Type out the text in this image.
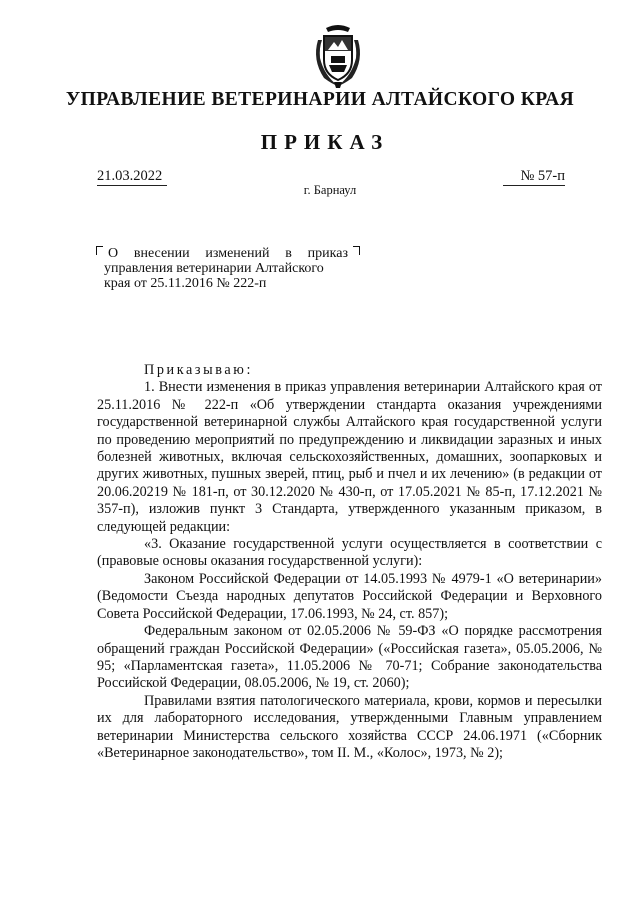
УПРАВЛЕНИЕ ВЕТЕРИНАРИИ АЛТАЙСКОГО КРАЯ
ПРИКАЗ
21.03.2022	№ 57-п
г. Барнаул
О внесении изменений в приказ
управления ветеринарии Алтайского
края от 25.11.2016 № 222-п
Приказываю:

1. Внести изменения в приказ управления ветеринарии Алтайского края от 25.11.2016 № 222-п «Об утверждении стандарта оказания учреждениями государственной ветеринарной службы Алтайского края государственной услуги по проведению мероприятий по предупреждению и ликвидации заразных и иных болезней животных, включая сельскохозяйственных, домашних, зоопарковых и других животных, пушных зверей, птиц, рыб и пчел и их лечению» (в редакции от 20.06.20219 № 181-п, от 30.12.2020 № 430-п, от 17.05.2021 № 85-п, 17.12.2021 № 357-п), изложив пункт 3 Стандарта, утвержденного указанным приказом, в следующей редакции:

«3. Оказание государственной услуги осуществляется в соответствии с (правовые основы оказания государственной услуги):

Законом Российской Федерации от 14.05.1993 № 4979-1 «О ветеринарии» (Ведомости Съезда народных депутатов Российской Федерации и Верховного Совета Российской Федерации, 17.06.1993, № 24, ст. 857);

Федеральным законом от 02.05.2006 № 59-ФЗ «О порядке рассмотрения обращений граждан Российской Федерации» («Российская газета», 05.05.2006, № 95; «Парламентская газета», 11.05.2006 № 70-71; Собрание законодательства Российской Федерации, 08.05.2006, № 19, ст. 2060);

Правилами взятия патологического материала, крови, кормов и пересылки их для лабораторного исследования, утвержденными Главным управлением ветеринарии Министерства сельского хозяйства СССР 24.06.1971 («Сборник «Ветеринарное законодательство», том II. М., «Колос», 1973, № 2);
